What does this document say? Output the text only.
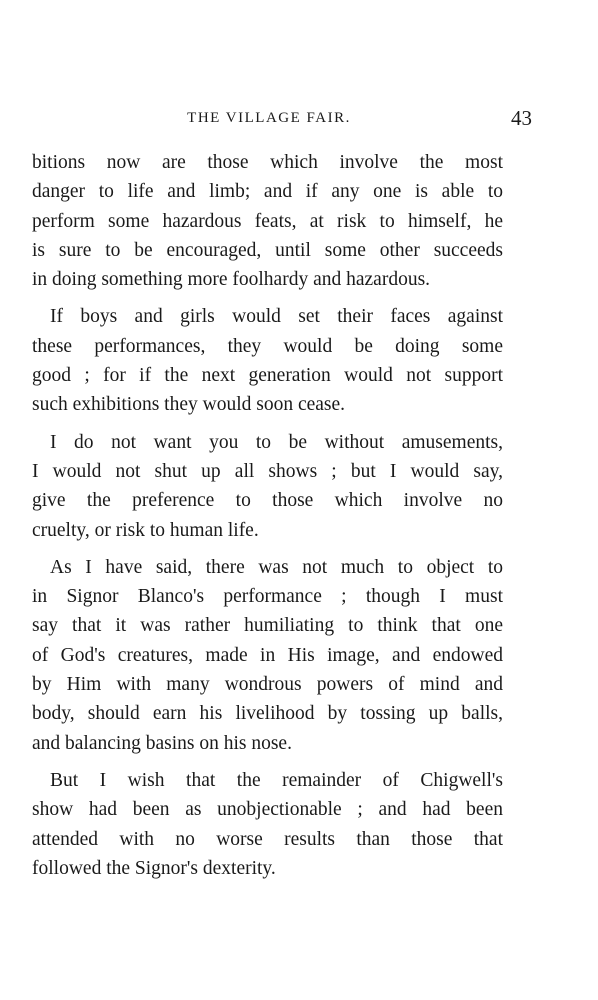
THE VILLAGE FAIR.	43

bitions now are those which involve the most
danger to life and limb; and if any one is able to
perform some hazardous feats, at risk to himself, he
is sure to be encouraged, until some other succeeds
in doing something more foolhardy and hazardous.

If boys and girls would set their faces against
these performances, they would be doing some
good ; for if the next generation would not support
such exhibitions they would soon cease.

I do not want you to be without amusements,
I would not shut up all shows ; but I would say,
give the preference to those which involve no
cruelty, or risk to human life.

As I have said, there was not much to object to
in Signor Blanco's performance ; though I must
say that it was rather humiliating to think that one
of God's creatures, made in His image, and endowed
by Him with many wondrous powers of mind and
body, should earn his livelihood by tossing up balls,
and balancing basins on his nose.

But I wish that the remainder of Chigwell's
show had been as unobjectionable ; and had been
attended with no worse results than those that
followed the Signor's dexterity.
